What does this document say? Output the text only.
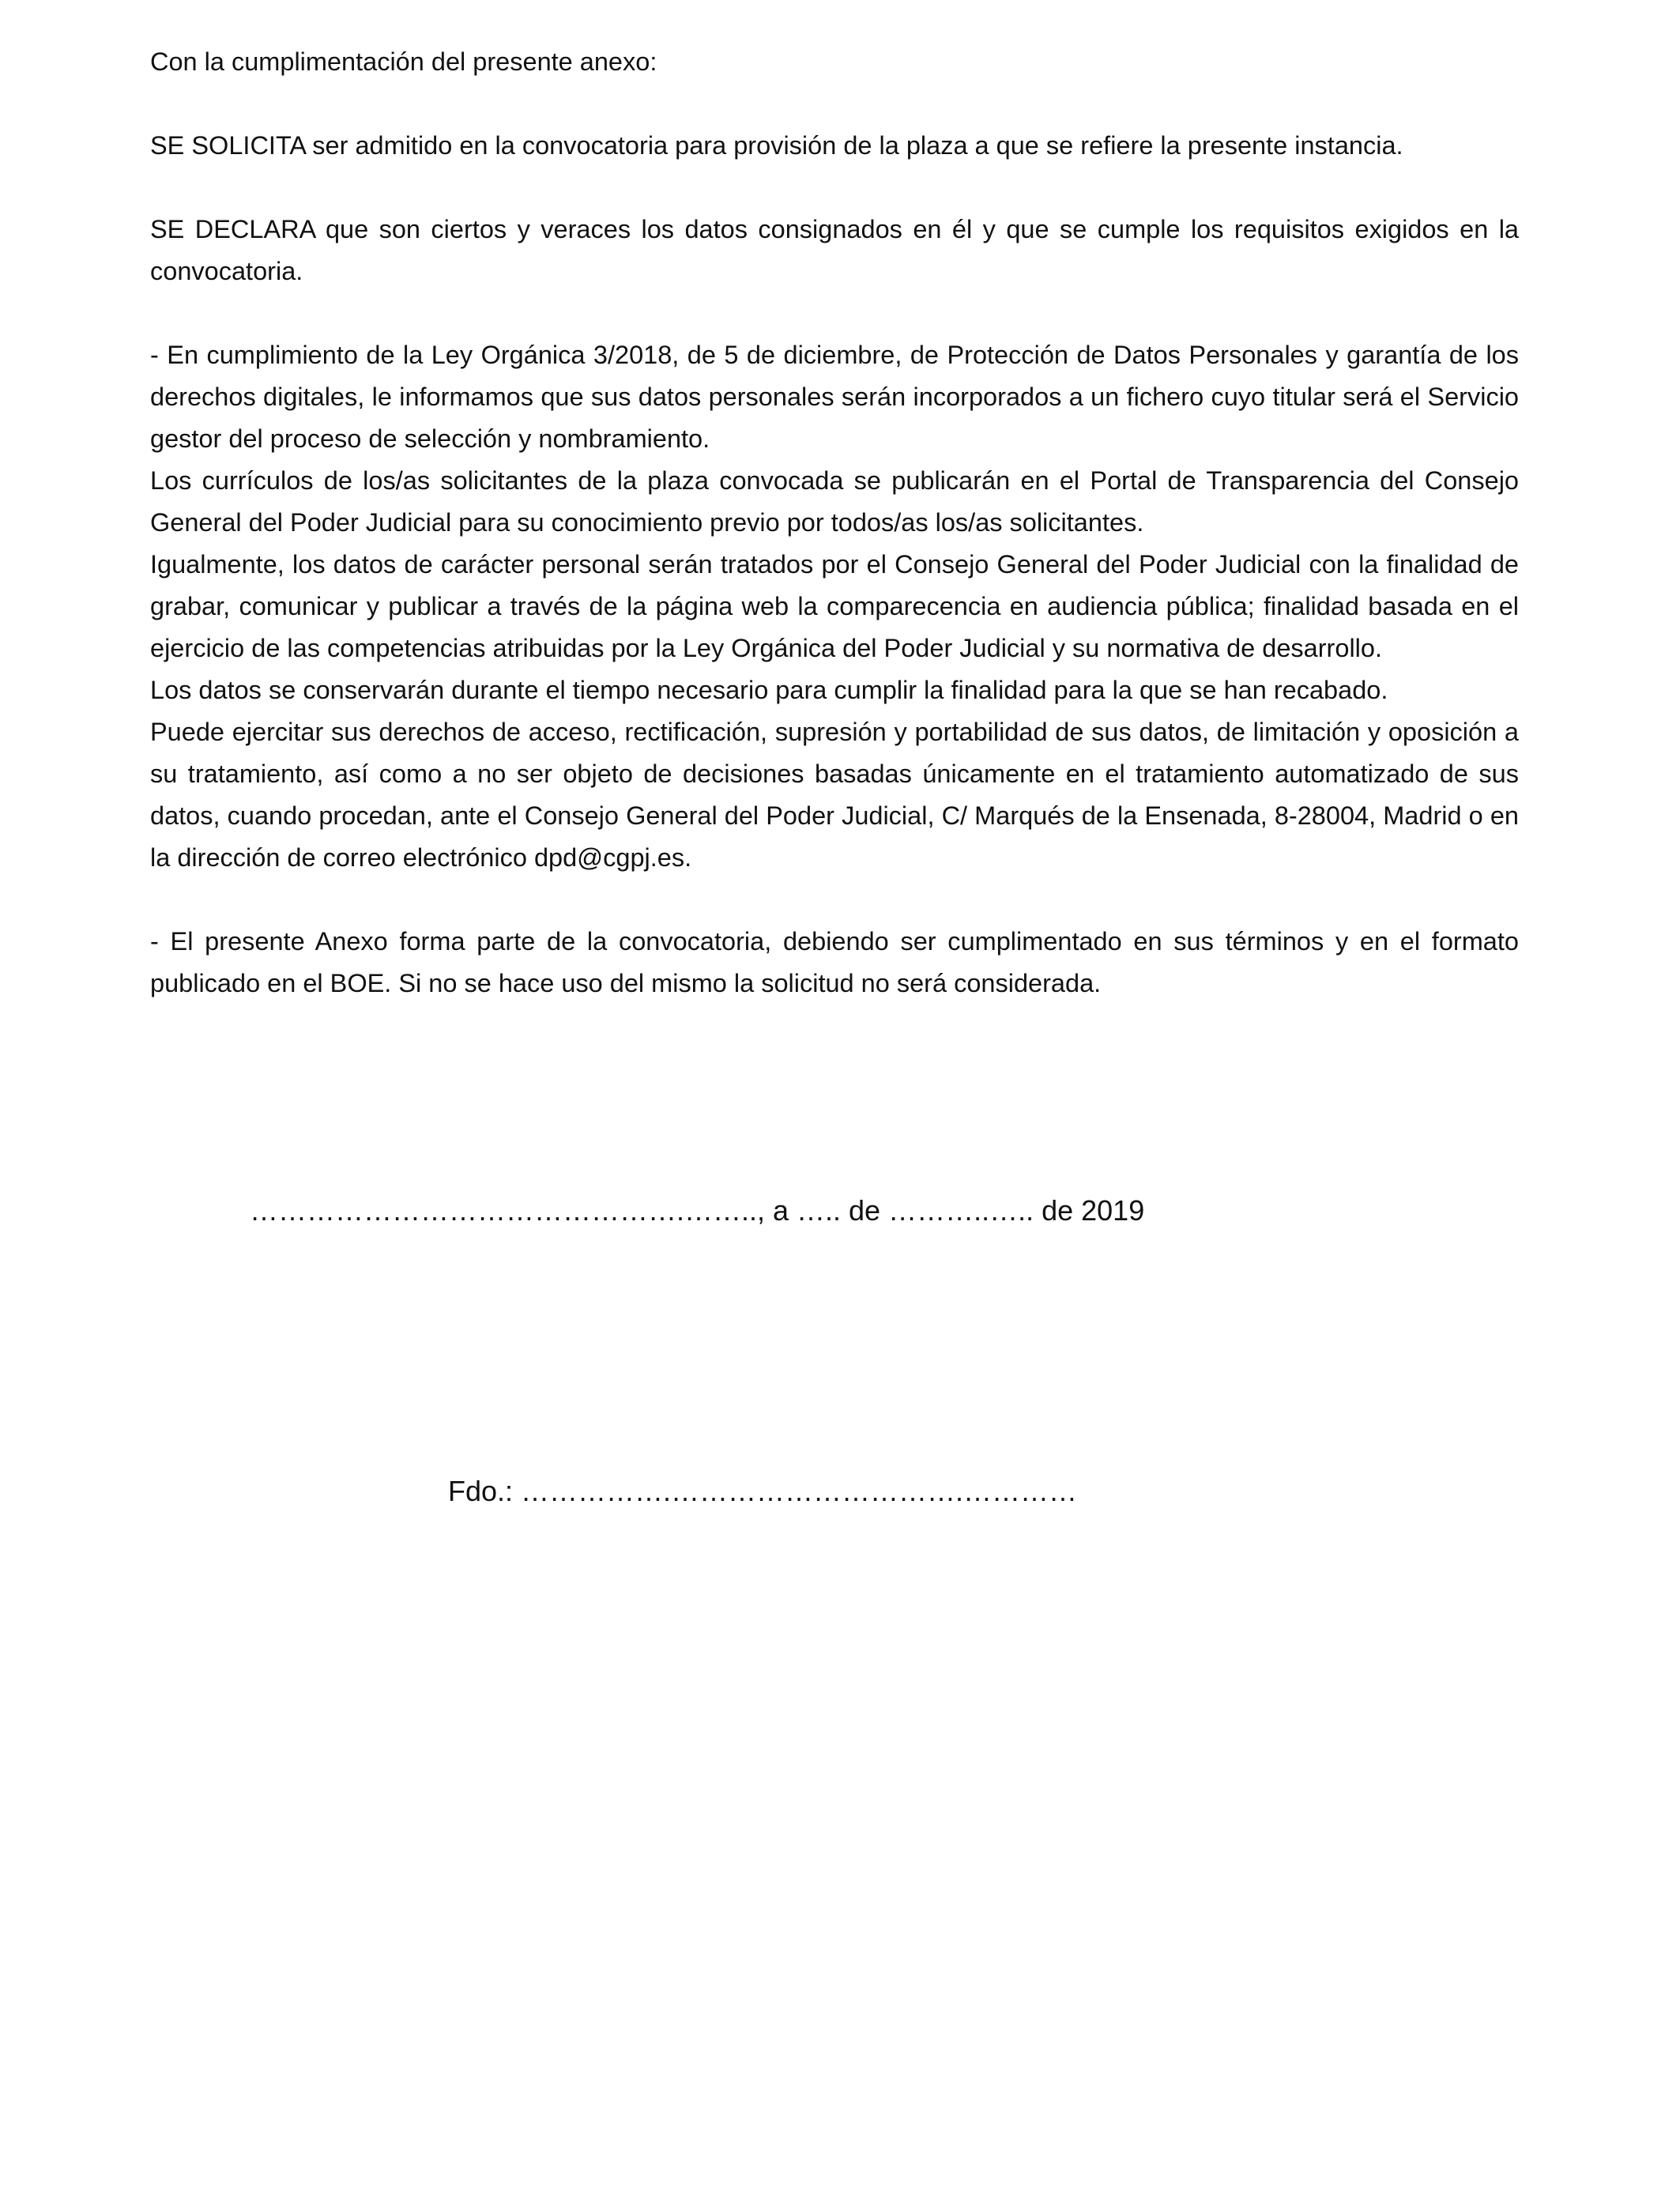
Con la cumplimentación del presente anexo:

SE SOLICITA ser admitido en la convocatoria para provisión de la plaza a que se refiere la presente instancia.

SE DECLARA que son ciertos y veraces los datos consignados en él y que se cumple los requisitos exigidos en la convocatoria.

- En cumplimiento de la Ley Orgánica 3/2018, de 5 de diciembre, de Protección de Datos Personales y garantía de los derechos digitales, le informamos que sus datos personales serán incorporados a un fichero cuyo titular será el Servicio gestor del proceso de selección y nombramiento.

Los currículos de los/as solicitantes de la plaza convocada se publicarán en el Portal de Transparencia del Consejo General del Poder Judicial para su conocimiento previo por todos/as los/as solicitantes.

Igualmente, los datos de carácter personal serán tratados por el Consejo General del Poder Judicial con la finalidad de grabar, comunicar y publicar a través de la página web la comparecencia en audiencia pública; finalidad basada en el ejercicio de las competencias atribuidas por la Ley Orgánica del Poder Judicial y su normativa de desarrollo.

Los datos se conservarán durante el tiempo necesario para cumplir la finalidad para la que se han recabado.

Puede ejercitar sus derechos de acceso, rectificación, supresión y portabilidad de sus datos, de limitación y oposición a su tratamiento, así como a no ser objeto de decisiones basadas únicamente en el tratamiento automatizado de sus datos, cuando procedan, ante el Consejo General del Poder Judicial, C/ Marqués de la Ensenada, 8-28004, Madrid o en la dirección de correo electrónico dpd@cgpj.es.

- El presente Anexo forma parte de la convocatoria, debiendo ser cumplimentado en sus términos y en el formato publicado en el BOE. Si no se hace uso del mismo la solicitud no será considerada.

……………………………………….…….., a ….. de ………..….. de 2019
Fdo.: …………….………………………….…………
